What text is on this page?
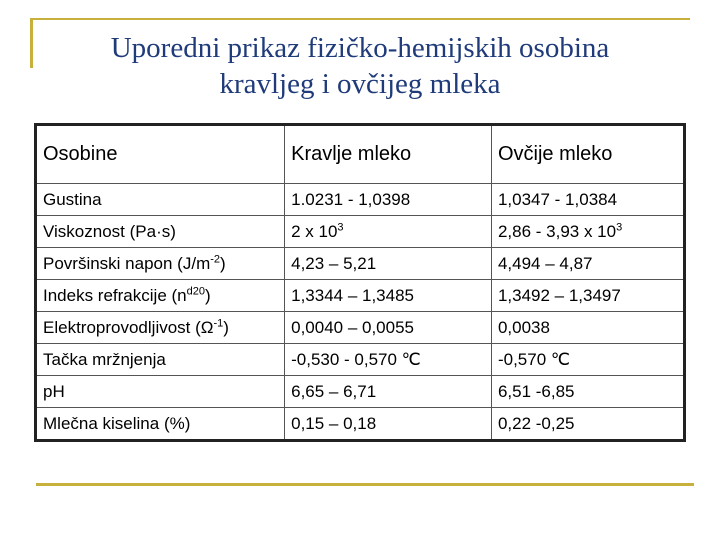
Uporedni prikaz fizičko-hemijskih osobina
kravljeg i ovčijeg mleka
Osobine	Kravlje mleko	Ovčije mleko
Gustina	1.0231 - 1,0398	1,0347 - 1,0384
Viskoznost (Pa·s)	2 x $10^3$	2,86 - 3,93 x $10^3$
Površinski napon $(J/m^{-2})$	4,23 – 5,21	4,494 – 4,87
Indeks refrakcije $(n^{d20})$	1,3344 – 1,3485	1,3492 – 1,3497
Elektroprovodljivost $(\Omega^{-1})$	0,0040 – 0,0055	0,0038
Tačka mržnjenja	-0,530 - 0,570 ℃	-0,570 ℃
pH	6,65 – 6,71	6,51 -6,85
Mlečna kiselina (%)	0,15 – 0,18	0,22 -0,25
